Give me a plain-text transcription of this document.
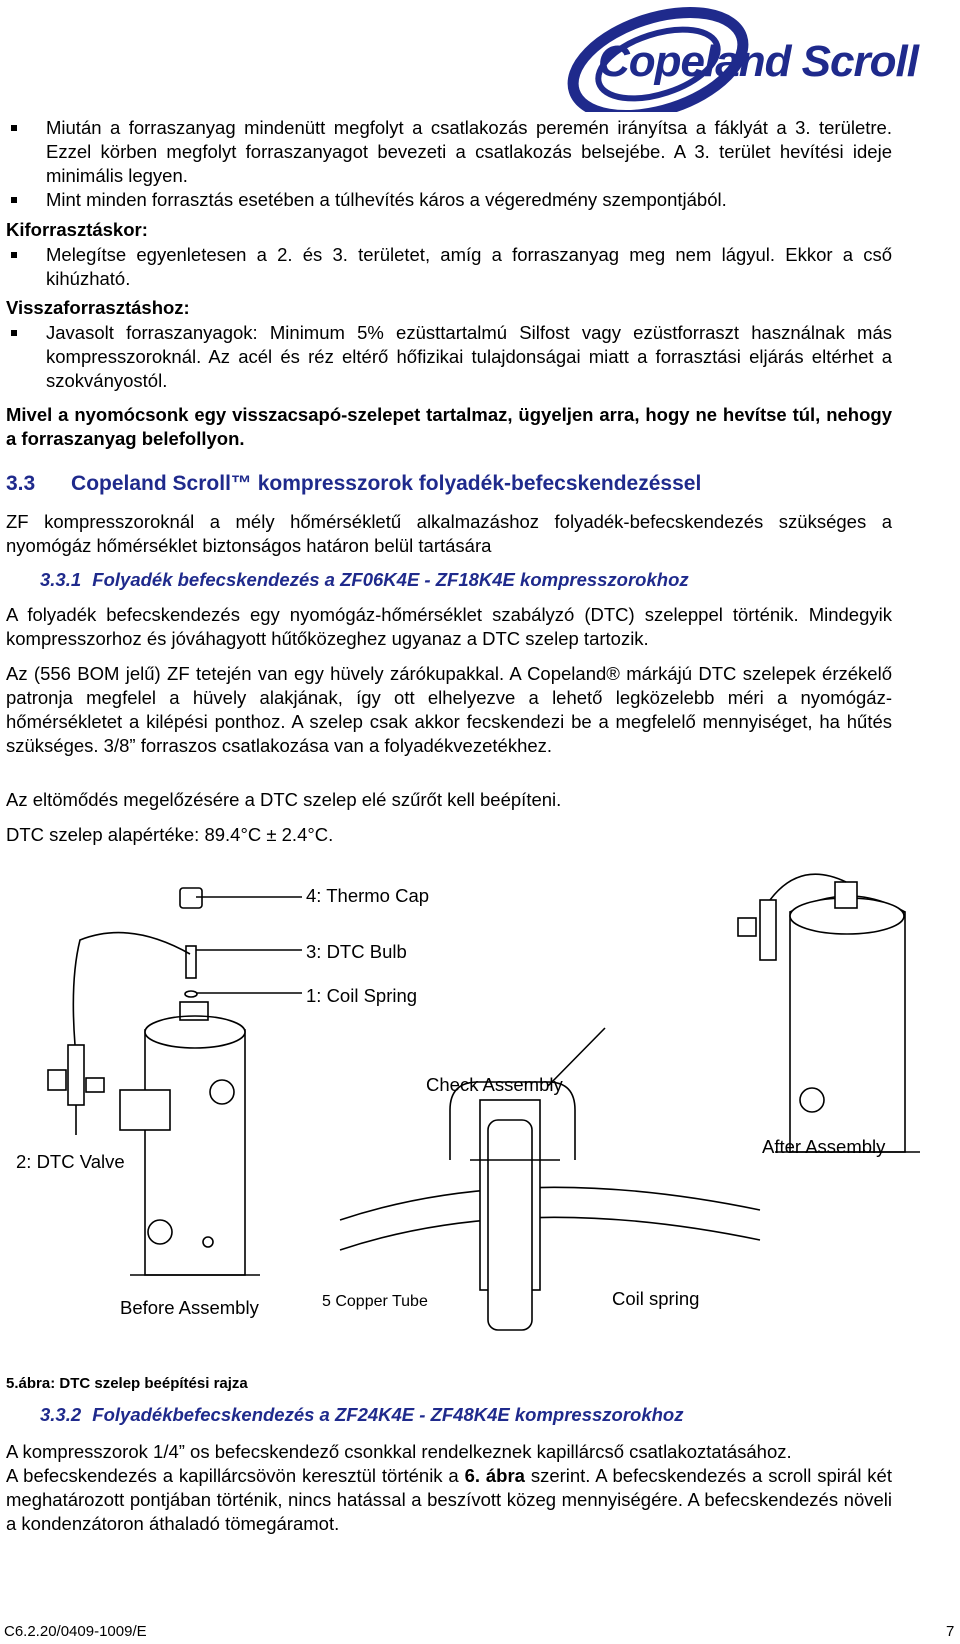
Copeland Scroll

Miután a forraszanyag mindenütt megfolyt a csatlakozás peremén irányítsa a fáklyát a 3. területre. Ezzel körben megfolyt forraszanyagot bevezeti a csatlakozás belsejébe. A 3. terület hevítési ideje minimális legyen.

Mint minden forrasztás esetében a túlhevítés káros a végeredmény szempontjából.

Kiforrasztáskor:

Melegítse egyenletesen a 2. és 3. területet, amíg a forraszanyag meg nem lágyul. Ekkor a cső kihúzható.

Visszaforrasztáshoz:

Javasolt forraszanyagok: Minimum 5% ezüsttartalmú Silfost vagy ezüstforraszt használnak más kompresszoroknál. Az acél és réz eltérő hőfizikai tulajdonságai miatt a forrasztási eljárás eltérhet a szokványostól.

Mivel a nyomócsonk egy visszacsapó-szelepet tartalmaz, ügyeljen arra, hogy ne hevítse túl, nehogy a forraszanyag belefollyon.
3.3 Copeland Scroll™ kompresszorok folyadék-befecskendezéssel
ZF kompresszoroknál a mély hőmérsékletű alkalmazáshoz folyadék-befecskendezés szükséges a nyomógáz hőmérséklet biztonságos határon belül tartására
3.3.1 Folyadék befecskendezés a ZF06K4E - ZF18K4E kompresszorokhoz
A folyadék befecskendezés egy nyomógáz-hőmérséklet szabályzó (DTC) szeleppel történik. Mindegyik kompresszorhoz és jóváhagyott hűtőközeghez ugyanaz a DTC szelep tartozik.
Az (556 BOM jelű) ZF tetején van egy hüvely zárókupakkal. A Copeland® márkájú DTC szelepek érzékelő patronja megfelel a hüvely alakjának, így ott elhelyezve a lehető legközelebb méri a nyomógáz-hőmérsékletet a kilépési ponthoz. A szelep csak akkor fecskendezi be a megfelelő mennyiséget, ha hűtés szükséges. 3/8” forraszos csatlakozása van a folyadékvezetékhez.
Az eltömődés megelőzésére a DTC szelep elé szűrőt kell beépíteni.
DTC szelep alapértéke: 89.4°C ± 2.4°C.
4: Thermo Cap
3: DTC Bulb
1: Coil Spring
Check Assembly
After Assembly
2: DTC Valve
Before Assembly	5 Copper Tube	Coil spring
5.ábra: DTC szelep beépítési rajza
3.3.2 Folyadékbefecskendezés a ZF24K4E - ZF48K4E kompresszorokhoz
A kompresszorok 1/4” os befecskendező csonkkal rendelkeznek kapillárcső csatlakoztatásához.
A befecskendezés a kapillárcsövön keresztül történik a 6. ábra szerint. A befecskendezés a scroll spirál két meghatározott pontjában történik, nincs hatással a beszívott közeg mennyiségére. A befecskendezés növeli a kondenzátoron áthaladó tömegáramot.
C6.2.20/0409-1009/E	7
